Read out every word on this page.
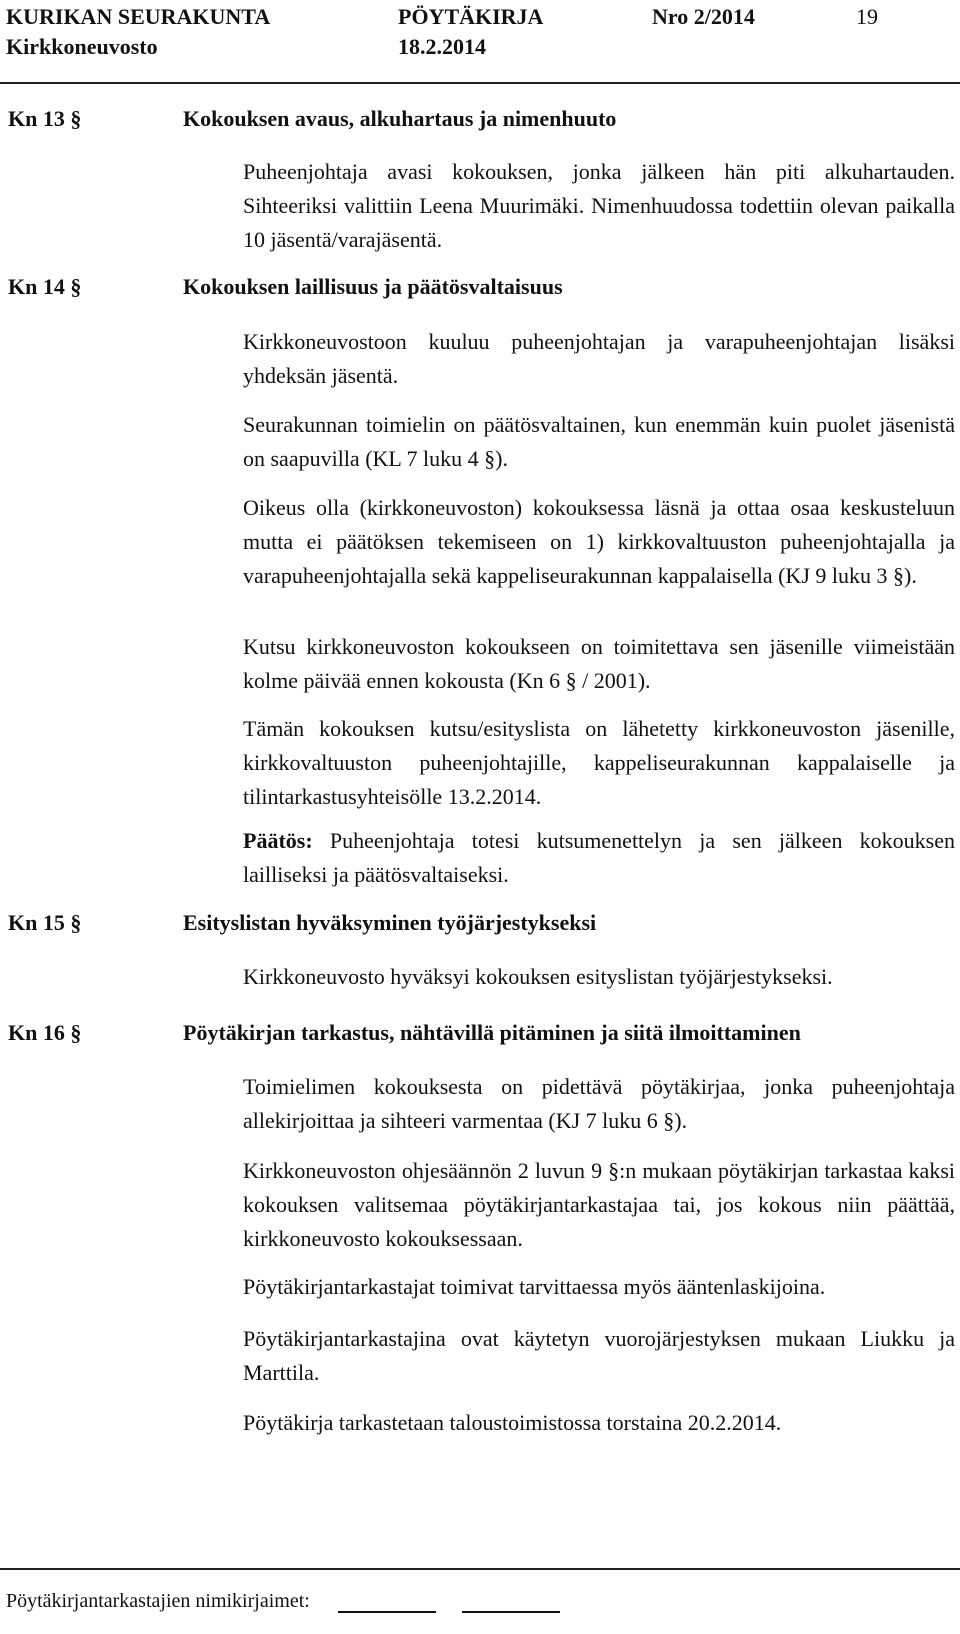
KURIKAN SEURAKUNTA	PÖYTÄKIRJA	Nro 2/2014	19
Kirkkoneuvosto	18.2.2014
Kn 13 §	Kokouksen avaus, alkuhartaus ja nimenhuuto
Puheenjohtaja avasi kokouksen, jonka jälkeen hän piti alkuhartauden. Sihteeriksi valittiin Leena Muurimäki. Nimenhuudossa todettiin olevan paikalla 10 jäsentä/varajäsentä.
Kn 14 §	Kokouksen laillisuus ja päätösvaltaisuus
Kirkkoneuvostoon kuuluu puheenjohtajan ja varapuheenjohtajan lisäksi yhdeksän jäsentä.
Seurakunnan toimielin on päätösvaltainen, kun enemmän kuin puolet jäsenistä on saapuvilla (KL 7 luku 4 §).
Oikeus olla (kirkkoneuvoston) kokouksessa läsnä ja ottaa osaa keskusteluun mutta ei päätöksen tekemiseen on 1) kirkkovaltuuston puheenjohtajalla ja varapuheenjohtajalla sekä kappeliseurakunnan kappalaisella (KJ 9 luku 3 §).
Kutsu kirkkoneuvoston kokoukseen on toimitettava sen jäsenille viimeistään kolme päivää ennen kokousta (Kn 6 § / 2001).
Tämän kokouksen kutsu/esityslista on lähetetty kirkkoneuvoston jäsenille, kirkkovaltuuston puheenjohtajille, kappeliseurakunnan kappalaiselle ja tilintarkastusyhteisölle 13.2.2014.
Päätös: Puheenjohtaja totesi kutsumenettelyn ja sen jälkeen kokouksen lailliseksi ja päätösvaltaiseksi.
Kn 15 §	Esityslistan hyväksyminen työjärjestykseksi
Kirkkoneuvosto hyväksyi kokouksen esityslistan työjärjestykseksi.
Kn 16 §	Pöytäkirjan tarkastus, nähtävillä pitäminen ja siitä ilmoittaminen
Toimielimen kokouksesta on pidettävä pöytäkirjaa, jonka puheenjohtaja allekirjoittaa ja sihteeri varmentaa (KJ 7 luku 6 §).
Kirkkoneuvoston ohjesäännön 2 luvun 9 §:n mukaan pöytäkirjan tarkastaa kaksi kokouksen valitsemaa pöytäkirjantarkastajaa tai, jos kokous niin päättää, kirkkoneuvosto kokouksessaan.
Pöytäkirjantarkastajat toimivat tarvittaessa myös ääntenlaskijoina.
Pöytäkirjantarkastajina ovat käytetyn vuorojärjestyksen mukaan Liukku ja Marttila.
Pöytäkirja tarkastetaan taloustoimistossa torstaina 20.2.2014.
Pöytäkirjantarkastajien nimikirjaimet:
